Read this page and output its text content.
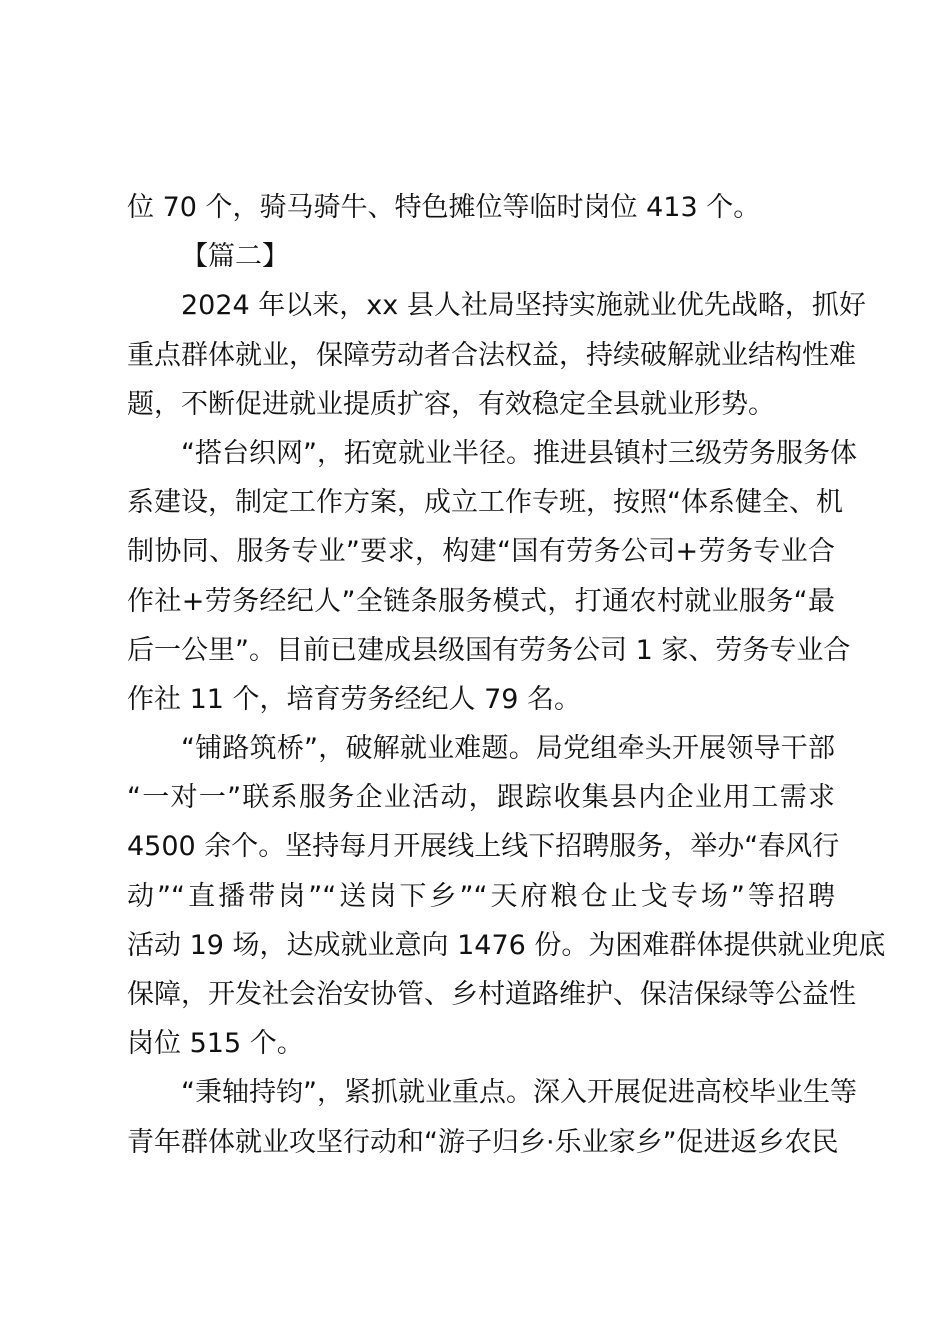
位 70 个，骑马骑牛、特色摊位等临时岗位 413 个。
【篇二】
2024 年以来，xx 县人社局坚持实施就业优先战略，抓好
重点群体就业，保障劳动者合法权益，持续破解就业结构性难
题，不断促进就业提质扩容，有效稳定全县就业形势。
“搭台织网”，拓宽就业半径。推进县镇村三级劳务服务体
系建设，制定工作方案，成立工作专班，按照“体系健全、机
制协同、服务专业”要求，构建“国有劳务公司+劳务专业合
作社+劳务经纪人”全链条服务模式，打通农村就业服务“最
后一公里”。目前已建成县级国有劳务公司 1 家、劳务专业合
作社 11 个，培育劳务经纪人 79 名。
“铺路筑桥”，破解就业难题。局党组牵头开展领导干部
“一对一”联系服务企业活动，跟踪收集县内企业用工需求
4500 余个。坚持每月开展线上线下招聘服务，举办“春风行
动”“直播带岗”“送岗下乡”“天府粮仓止戈专场”等招聘
活动 19 场，达成就业意向 1476 份。为困难群体提供就业兜底
保障，开发社会治安协管、乡村道路维护、保洁保绿等公益性
岗位 515 个。
“秉轴持钧”，紧抓就业重点。深入开展促进高校毕业生等
青年群体就业攻坚行动和“游子归乡·乐业家乡”促进返乡农民
